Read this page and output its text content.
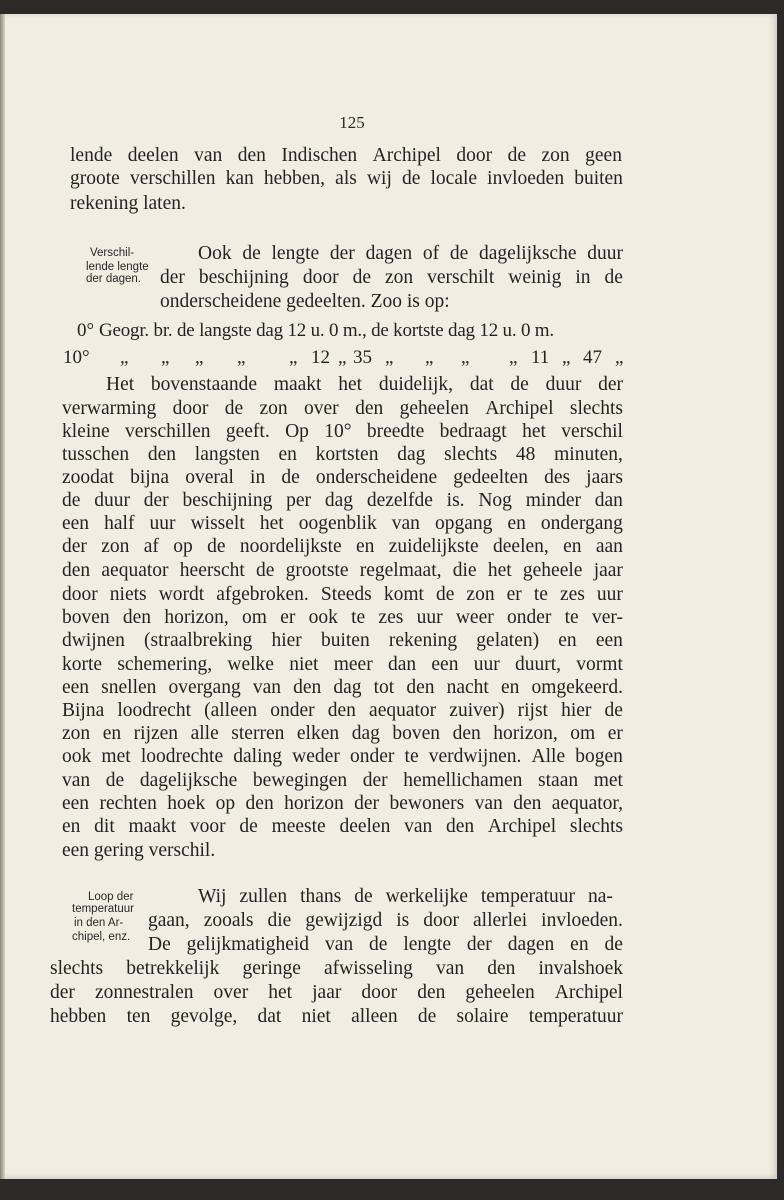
125
lende deelen van den Indischen Archipel door de zon geen
groote verschillen kan hebben, als wij de locale invloeden buiten
rekening laten.
Ook de lengte der dagen of de dagelijksche duur
der beschijning door de zon verschilt weinig in de
onderscheidene gedeelten. Zoo is op:
Het bovenstaande maakt het duidelijk, dat de duur der
verwarming door de zon over den geheelen Archipel slechts
kleine verschillen geeft. Op 10° breedte bedraagt het verschil
tusschen den langsten en kortsten dag slechts 48 minuten,
zoodat bijna overal in de onderscheidene gedeelten des jaars
de duur der beschijning per dag dezelfde is. Nog minder dan
een half uur wisselt het oogenblik van opgang en ondergang
der zon af op de noordelijkste en zuidelijkste deelen, en aan
den aequator heerscht de grootste regelmaat, die het geheele jaar
door niets wordt afgebroken. Steeds komt de zon er te zes uur
boven den horizon, om er ook te zes uur weer onder te ver-
dwijnen (straalbreking hier buiten rekening gelaten) en een
korte schemering, welke niet meer dan een uur duurt, vormt
een snellen overgang van den dag tot den nacht en omgekeerd.
Bijna loodrecht (alleen onder den aequator zuiver) rijst hier de
zon en rijzen alle sterren elken dag boven den horizon, om er
ook met loodrechte daling weder onder te verdwijnen. Alle bogen
van de dagelijksche bewegingen der hemellichamen staan met
een rechten hoek op den horizon der bewoners van den aequator,
en dit maakt voor de meeste deelen van den Archipel slechts
een gering verschil.
Wij zullen thans de werkelijke temperatuur na-
gaan, zooals die gewijzigd is door allerlei invloeden.
De gelijkmatigheid van de lengte der dagen en de
slechts betrekkelijk geringe afwisseling van den invalshoek
der zonnestralen over het jaar door den geheelen Archipel
hebben ten gevolge, dat niet alleen de solaire temperatuur
Verschil-
lende lengte
der dagen.
Loop der
temperatuur
in den Ar-
chipel, enz.
0° Geogr. br. de langste dag 12 u. 0 m., de kortste dag 12 u. 0 m.
10° „ „ „ „ „ 12 „ 35 „ „ „ „ 11 „ 47 „
